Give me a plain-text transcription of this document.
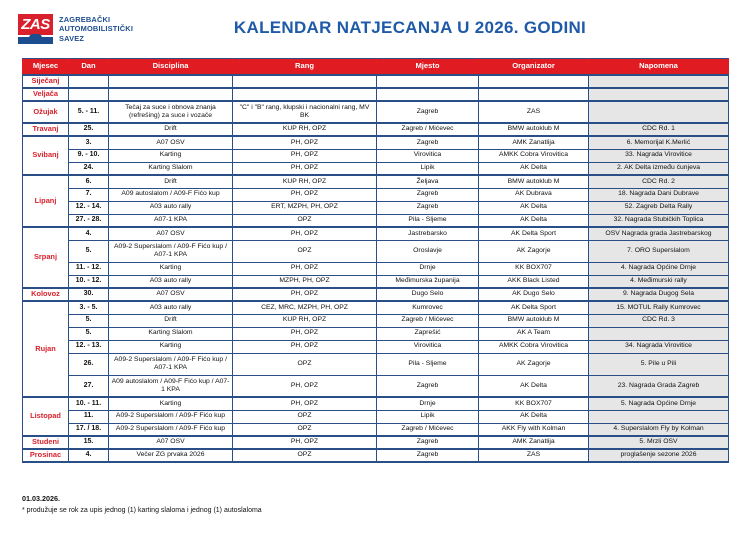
ZAS	ZAGREBAČKI
AUTOMOBILISTIČKI
SAVEZ
KALENDAR NATJECANJA U 2026. GODINI
Mjesec	Dan	Disciplina	Rang	Mjesto	Organizator	Napomena
Siječanj						
Veljača						
Ožujak	5. - 11.	Tečaj za suce i obnova znanja (refrešing) za suce i vozače	"C" i "B" rang, klupski i nacionalni rang, MV BK	Zagreb	ZAS	
Travanj	25.	Drift	KUP RH, OPZ	Zagreb / Mićevec	BMW autoklub M	CDC Rd. 1
Svibanj	3.	A07 OSV	PH, OPZ	Zagreb	AMK Zanatlija	6. Memorijal K.Merlić
	9. - 10.	Karting	PH, OPZ	Virovitica	AMKK Cobra Virovitica	33. Nagrada Virovitice
	24.	Karting Slalom	PH, OPZ	Lipik	AK Delta	2. AK Delta između čunjeva
Lipanj	6.	Drift	KUP RH, OPZ	Željava	BMW autoklub M	CDC Rd. 2
	7.	A09 autoslalom / A09-F Fićo kup	PH, OPZ	Zagreb	AK Dubrava	18. Nagrada Dani Dubrave
	12. - 14.	A03 auto rally	ERT, MZPH, PH, OPZ	Zagreb	AK Delta	52. Zagreb Delta Rally
	27. - 28.	A07-1 KPA	OPZ	Pila - Sljeme	AK Delta	32. Nagrada Stubičkih Toplica
Srpanj	4.	A07 OSV	PH, OPZ	Jastrebarsko	AK Delta Sport	OSV Nagrada grada Jastrebarskog
	5.	A09-2 Superslalom / A09-F Fićo kup / A07-1 KPA	OPZ	Oroslavje	AK Zagorje	7. ORO Superslalom
	11. - 12.	Karting	PH, OPZ	Drnje	KK BOX707	4. Nagrada Općine Drnje
	10. - 12.	A03 auto rally	MZPH, PH, OPZ	Međimurska županija	AKK Black Listed	4. Međimurski rally
Kolovoz	30.	A07 OSV	PH, OPZ	Dugo Selo	AK Dugo Selo	9. Nagrada Dugog Sela
Rujan	3. - 5.	A03 auto rally	CEZ, MRC, MZPH, PH, OPZ	Kumrovec	AK Delta Sport	15. MOTUL Rally Kumrovec
	5.	Drift	KUP RH, OPZ	Zagreb / Mićevec	BMW autoklub M	CDC Rd. 3
	5.	Karting Slalom	PH, OPZ	Zaprešić	AK A Team	
	12. - 13.	Karting	PH, OPZ	Virovitica	AMKK Cobra Virovitica	34. Nagrada Virovitice
	26.	A09-2 Superslalom / A09-F Fićo kup / A07-1 KPA	OPZ	Pila - Sljeme	AK Zagorje	5. Pile u Pili
	27.	A09 autoslalom / A09-F Fićo kup / A07-1 KPA	PH, OPZ	Zagreb	AK Delta	23. Nagrada Grada Zagreb
Listopad	10. - 11.	Karting	PH, OPZ	Drnje	KK BOX707	5. Nagrada Općine Drnje
	11.	A09-2 Superslalom / A09-F Fićo kup	OPZ	Lipik	AK Delta	
	17. / 18.	A09-2 Superslalom / A09-F Fićo kup	OPZ	Zagreb / Mićevec	AKK Fly with Kolman	4. Superslalom Fly by Kolman
Studeni	15.	A07 OSV	PH, OPZ	Zagreb	AMK Zanatlija	5. Mrzli OSV
Prosinac	4.	Večer ZG prvaka 2026	OPZ	Zagreb	ZAS	proglašenje sezone 2026
01.03.2026.
* produžuje se rok za upis jednog (1) karting slaloma i jednog (1) autoslaloma
